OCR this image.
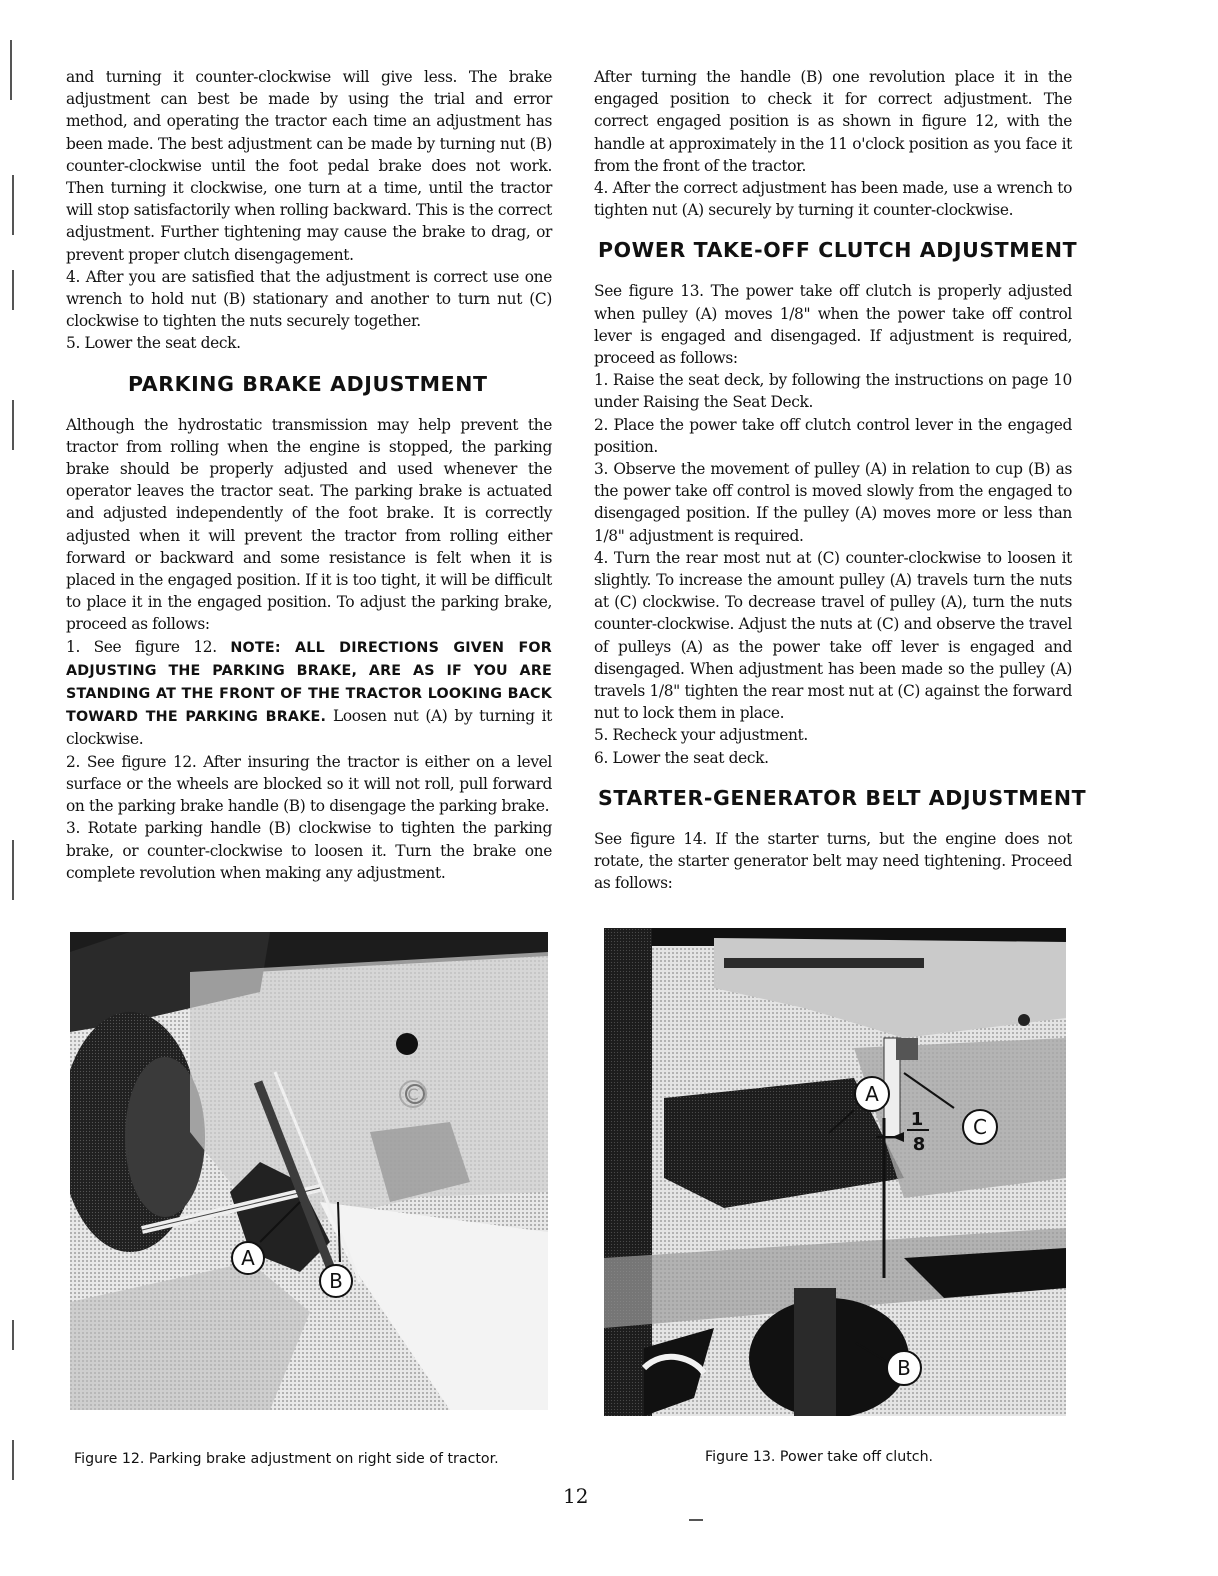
and turning it counter-clockwise will give less. The brake adjustment can best be made by using the trial and error method, and operating the tractor each time an adjustment has been made. The best adjustment can be made by turning nut (B) counter-clockwise until the foot pedal brake does not work. Then turning it clockwise, one turn at a time, until the tractor will stop satisfactorily when rolling backward. This is the correct adjustment. Further tightening may cause the brake to drag, or prevent proper clutch disengagement.

4. After you are satisfied that the adjustment is correct use one wrench to hold nut (B) stationary and another to turn nut (C) clockwise to tighten the nuts securely together.

5. Lower the seat deck.

PARKING BRAKE ADJUSTMENT

Although the hydrostatic transmission may help prevent the tractor from rolling when the engine is stopped, the parking brake should be properly adjusted and used whenever the operator leaves the tractor seat. The parking brake is actuated and adjusted independently of the foot brake. It is correctly adjusted when it will prevent the tractor from rolling either forward or backward and some resistance is felt when it is placed in the engaged position. If it is too tight, it will be difficult to place it in the engaged position. To adjust the parking brake, proceed as follows:

1. See figure 12. NOTE: ALL DIRECTIONS GIVEN FOR ADJUSTING THE PARKING BRAKE, ARE AS IF YOU ARE STANDING AT THE FRONT OF THE TRACTOR LOOKING BACK TOWARD THE PARKING BRAKE. Loosen nut (A) by turning it clockwise.

2. See figure 12. After insuring the tractor is either on a level surface or the wheels are blocked so it will not roll, pull forward on the parking brake handle (B) to disengage the parking brake.

3. Rotate parking handle (B) clockwise to tighten the parking brake, or counter-clockwise to loosen it. Turn the brake one complete revolution when making any adjustment.

After turning the handle (B) one revolution place it in the engaged position to check it for correct adjustment. The correct engaged position is as shown in figure 12, with the handle at approximately in the 11 o'clock position as you face it from the front of the tractor.

4. After the correct adjustment has been made, use a wrench to tighten nut (A) securely by turning it counter-clockwise.

POWER TAKE-OFF CLUTCH ADJUSTMENT

See figure 13. The power take off clutch is properly adjusted when pulley (A) moves 1/8" when the power take off control lever is engaged and disengaged. If adjustment is required, proceed as follows:

1. Raise the seat deck, by following the instructions on page 10 under Raising the Seat Deck.

2. Place the power take off clutch control lever in the engaged position.

3. Observe the movement of pulley (A) in relation to cup (B) as the power take off control is moved slowly from the engaged to disengaged position. If the pulley (A) moves more or less than 1/8" adjustment is required.

4. Turn the rear most nut at (C) counter-clockwise to loosen it slightly. To increase the amount pulley (A) travels turn the nuts at (C) clockwise. To decrease travel of pulley (A), turn the nuts counter-clockwise. Adjust the nuts at (C) and observe the travel of pulleys (A) as the power take off lever is engaged and disengaged. When adjustment has been made so the pulley (A) travels 1/8" tighten the rear most nut at (C) against the forward nut to lock them in place.

5. Recheck your adjustment.

6. Lower the seat deck.

STARTER-GENERATOR BELT ADJUSTMENT

See figure 14. If the starter turns, but the engine does not rotate, the starter generator belt may need tightening. Proceed as follows:

A
B
C
Figure 12. Parking brake adjustment on right side of tractor.
C
A
B
1
8
Figure 13. Power take off clutch.
12
